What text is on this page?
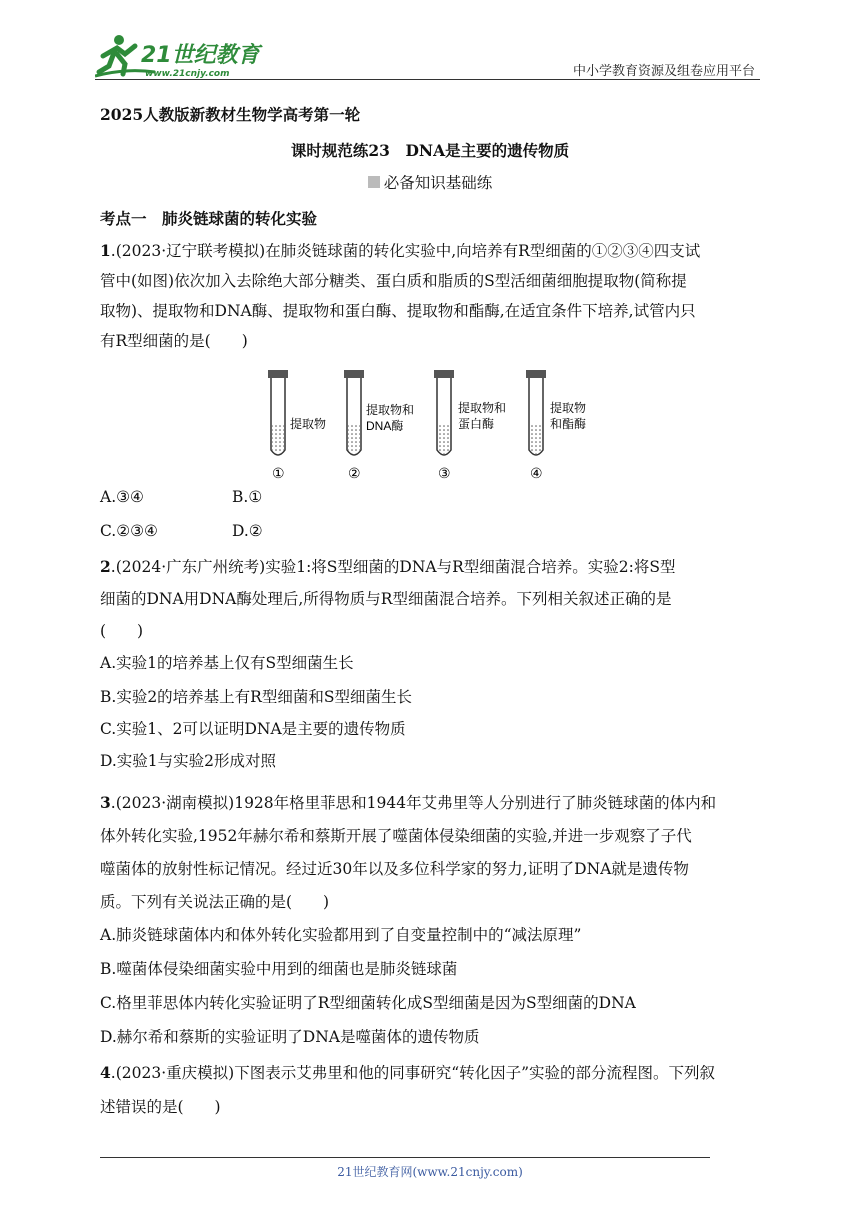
21世纪教育
www.21cnjy.com	中小学教育资源及组卷应用平台
2025人教版新教材生物学高考第一轮
课时规范练23　DNA是主要的遗传物质
必备知识基础练
考点一　肺炎链球菌的转化实验
1.(2023·辽宁联考模拟)在肺炎链球菌的转化实验中,向培养有R型细菌的①②③④四支试
管中(如图)依次加入去除绝大部分糖类、蛋白质和脂质的S型活细菌细胞提取物(简称提
取物)、提取物和DNA酶、提取物和蛋白酶、提取物和酯酶,在适宜条件下培养,试管内只
有R型细菌的是(　　)
提取物
①
提取物和
DNA酶
②
提取物和
蛋白酶
③
提取物
和酯酶
④
A.③④	B.①
C.②③④	D.②
2.(2024·广东广州统考)实验1:将S型细菌的DNA与R型细菌混合培养。实验2:将S型
细菌的DNA用DNA酶处理后,所得物质与R型细菌混合培养。下列相关叙述正确的是
(　　)
A.实验1的培养基上仅有S型细菌生长
B.实验2的培养基上有R型细菌和S型细菌生长
C.实验1、2可以证明DNA是主要的遗传物质
D.实验1与实验2形成对照
3.(2023·湖南模拟)1928年格里菲思和1944年艾弗里等人分别进行了肺炎链球菌的体内和
体外转化实验,1952年赫尔希和蔡斯开展了噬菌体侵染细菌的实验,并进一步观察了子代
噬菌体的放射性标记情况。经过近30年以及多位科学家的努力,证明了DNA就是遗传物
质。下列有关说法正确的是(　　)
A.肺炎链球菌体内和体外转化实验都用到了自变量控制中的“减法原理”
B.噬菌体侵染细菌实验中用到的细菌也是肺炎链球菌
C.格里菲思体内转化实验证明了R型细菌转化成S型细菌是因为S型细菌的DNA
D.赫尔希和蔡斯的实验证明了DNA是噬菌体的遗传物质
4.(2023·重庆模拟)下图表示艾弗里和他的同事研究“转化因子”实验的部分流程图。下列叙
述错误的是(　　)
21世纪教育网(www.21cnjy.com)
